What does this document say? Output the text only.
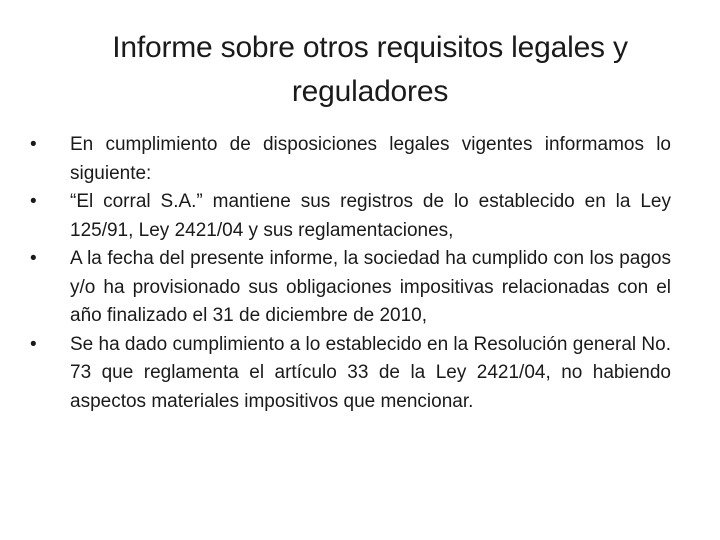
Informe sobre otros requisitos legales y reguladores
•	En cumplimiento de disposiciones legales vigentes informamos lo siguiente:
•	“El corral S.A.” mantiene sus registros de lo establecido en la Ley 125/91, Ley 2421/04 y sus reglamentaciones,
•	A la fecha del presente informe, la sociedad ha cumplido con los pagos y/o ha provisionado sus obligaciones impositivas relacionadas con el año finalizado el 31 de diciembre de 2010,
•	Se ha dado cumplimiento a lo establecido en la Resolución general No. 73 que reglamenta el artículo 33 de la Ley 2421/04, no habiendo aspectos materiales impositivos que mencionar.
